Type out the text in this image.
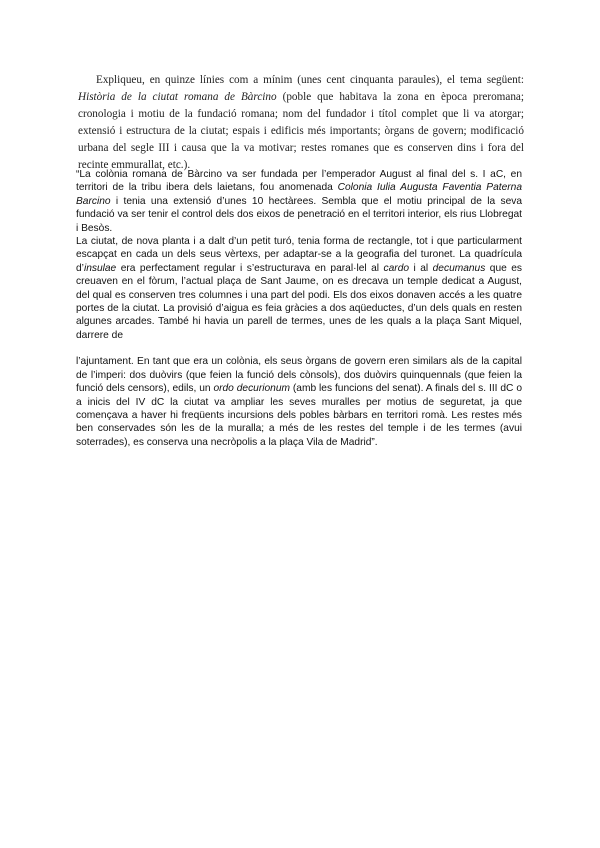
Expliqueu, en quinze línies com a mínim (unes cent cinquanta paraules), el tema següent: Història de la ciutat romana de Bàrcino (poble que habitava la zona en època preromana; cronologia i motiu de la fundació romana; nom del fundador i títol complet que li va atorgar; extensió i estructura de la ciutat; espais i edificis més importants; òrgans de govern; modificació urbana del segle III i causa que la va motivar; restes romanes que es conserven dins i fora del recinte emmurallat, etc.).

“La colònia romana de Bàrcino va ser fundada per l’emperador August al final del s. I aC, en territori de la tribu ibera dels laietans, fou anomenada Colonia Iulia Augusta Faventia Paterna Barcino i tenia una extensió d’unes 10 hectàrees. Sembla que el motiu principal de la seva fundació va ser tenir el control dels dos eixos de penetració en el territori interior, els rius Llobregat i Besòs.

La ciutat, de nova planta i a dalt d’un petit turó, tenia forma de rectangle, tot i que particularment escapçat en cada un dels seus vèrtexs, per adaptar-se a la geografia del turonet. La quadrícula d’insulae era perfectament regular i s’estructurava en paral·lel al cardo i al decumanus que es creuaven en el fòrum, l’actual plaça de Sant Jaume, on es drecava un temple dedicat a August, del qual es conserven tres columnes i una part del podi. Els dos eixos donaven accés a les quatre portes de la ciutat. La provisió d’aigua es feia gràcies a dos aqüeductes, d’un dels quals en resten algunes arcades. També hi havia un parell de termes, unes de les quals a la plaça Sant Miquel, darrere de

l’ajuntament. En tant que era un colònia, els seus òrgans de govern eren similars als de la capital de l’imperi: dos duòvirs (que feien la funció dels cònsols), dos duòvirs quinquennals (que feien la funció dels censors), edils, un ordo decurionum (amb les funcions del senat). A finals del s. III dC o a inicis del IV dC la ciutat va ampliar les seves muralles per motius de seguretat, ja que començava a haver hi freqüents incursions dels pobles bàrbars en territori romà. Les restes més ben conservades són les de la muralla; a més de les restes del temple i de les termes (avui soterrades), es conserva una necròpolis a la plaça Vila de Madrid”.
